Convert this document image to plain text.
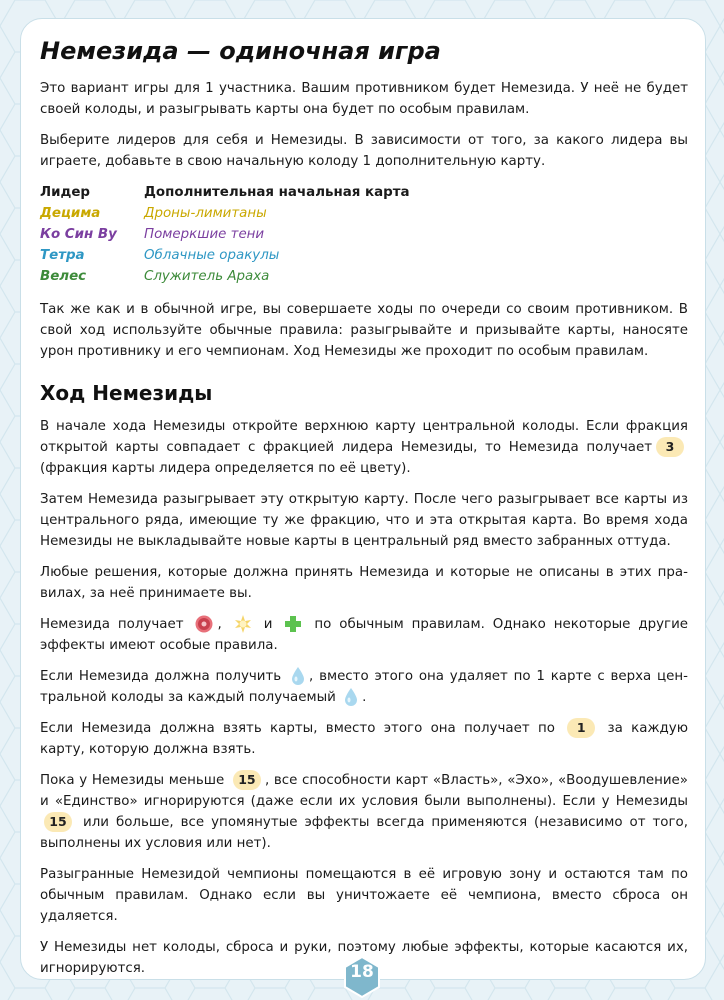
Немезида — одиночная игра

Это вариант игры для 1 участника. Вашим противником будет Немезида. У неё не будет своей колоды, и разыгрывать карты она будет по особым правилам.

Выберите лидеров для себя и Немезиды. В зависимости от того, за какого лидера вы играете, добавьте в свою начальную колоду 1 дополнительную карту.

Лидер	Дополнительная начальная карта
Децима	Дроны-лимитаны
Ко Син Ву	Померкшие тени
Тетра	Облачные оракулы
Велес	Служитель Араха

Так же как и в обычной игре, вы совершаете ходы по очереди со своим противником. В свой ход используйте обычные правила: разыгрывайте и призывайте карты, наносяте урон противнику и его чемпионам. Ход Немезиды же проходит по особым правилам.

Ход Немезиды

В начале хода Немезиды откройте верхнюю карту центральной колоды. Если фракция открытой карты совпадает с фракцией лидера Немезиды, то Немезида получает 3 (фракция карты лидера определяется по её цвету).

Затем Немезида разыгрывает эту открытую карту. После чего разыгрывает все карты из центрального ряда, имеющие ту же фракцию, что и эта открытая карта. Во время хода Немезиды не выкладывайте новые карты в центральный ряд вместо забранных оттуда.

Любые решения, которые должна принять Немезида и которые не описаны в этих правилах, за неё принимаете вы.

Немезида получает	,	и	по обычным правилам. Однако некоторые другие эффекты имеют особые правила.

Если Немезида должна получить , вместо этого она удаляет по 1 карте с верха центральной колоды за каждый получаемый .

Если Немезида должна взять карты, вместо этого она получает по 1 за каждую карту, которую должна взять.

Пока у Немезиды меньше 15 , все способности карт «Власть», «Эхо», «Воодушевление» и «Единство» игнорируются (даже если их условия были выполнены). Если у Немезиды 15 или больше, все упомянутые эффекты всегда применяются (независимо от того, выполнены их условия или нет).

Разыгранные Немезидой чемпионы помещаются в её игровую зону и остаются там по обычным правилам. Однако если вы уничтожаете её чемпиона, вместо сброса он удаляется.

У Немезиды нет колоды, сброса и руки, поэтому любые эффекты, которые касаются их, игнорируются.	18
